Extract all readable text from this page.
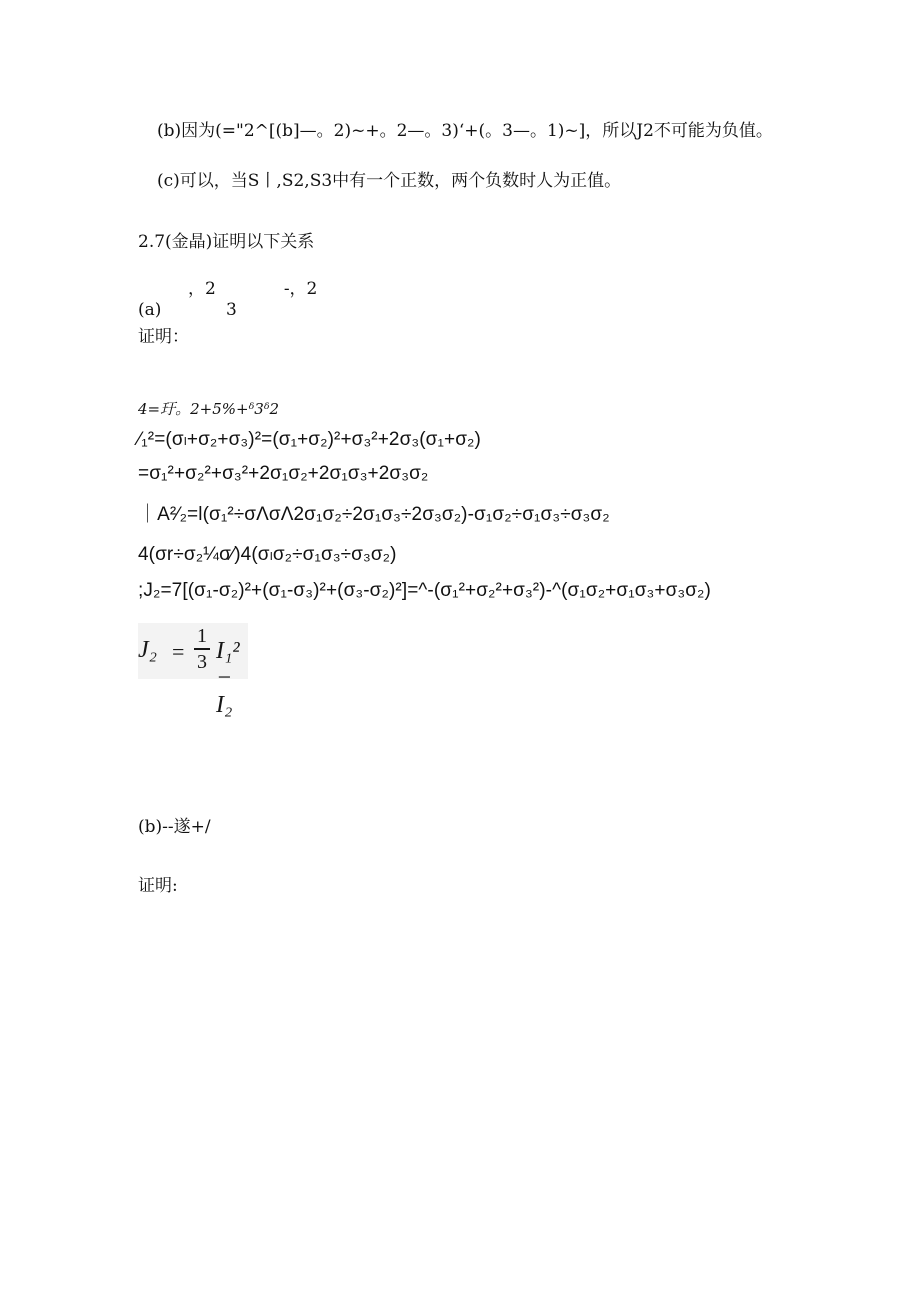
(b)因为(="2^[(b]—。2)~+。2—。3)‘+(。3—。1)~]，所以J2不可能为负值。
(c)可以，当S丨,S2,S3中有一个正数，两个负数时人为正值。
2.7(金晶)证明以下关系
，2　　　　-，2
(a)	3
证明：
4=玗。2+5%+ᵟ3ᵟ2
⁄₁²=(σₗ+σ₂+σ₃)²=(σ₁+σ₂)²+σ₃²+2σ₃(σ₁+σ₂)
=σ₁²+σ₂²+σ₃²+2σ₁σ₂+2σ₁σ₃+2σ₃σ₂
｜A²⁄₂=l(σ₁²÷σΛσΛ2σ₁σ₂÷2σ₁σ₃÷2σ₃σ₂)-σ₁σ₂÷σ₁σ₃÷σ₃σ₂
4(σr÷σ₂¼σ⁄)4(σₗσ₂÷σ₁σ₃÷σ₃σ₂)
;J₂=7[(σ₁-σ₂)²+(σ₁-σ₃)²+(σ₃-σ₂)²]=^-(σ₁²+σ₂²+σ₃²)-^(σ₁σ₂+σ₁σ₃+σ₃σ₂)
J₂ =
1
3 I₁² − I₂
(b)--遂+/
证明:
